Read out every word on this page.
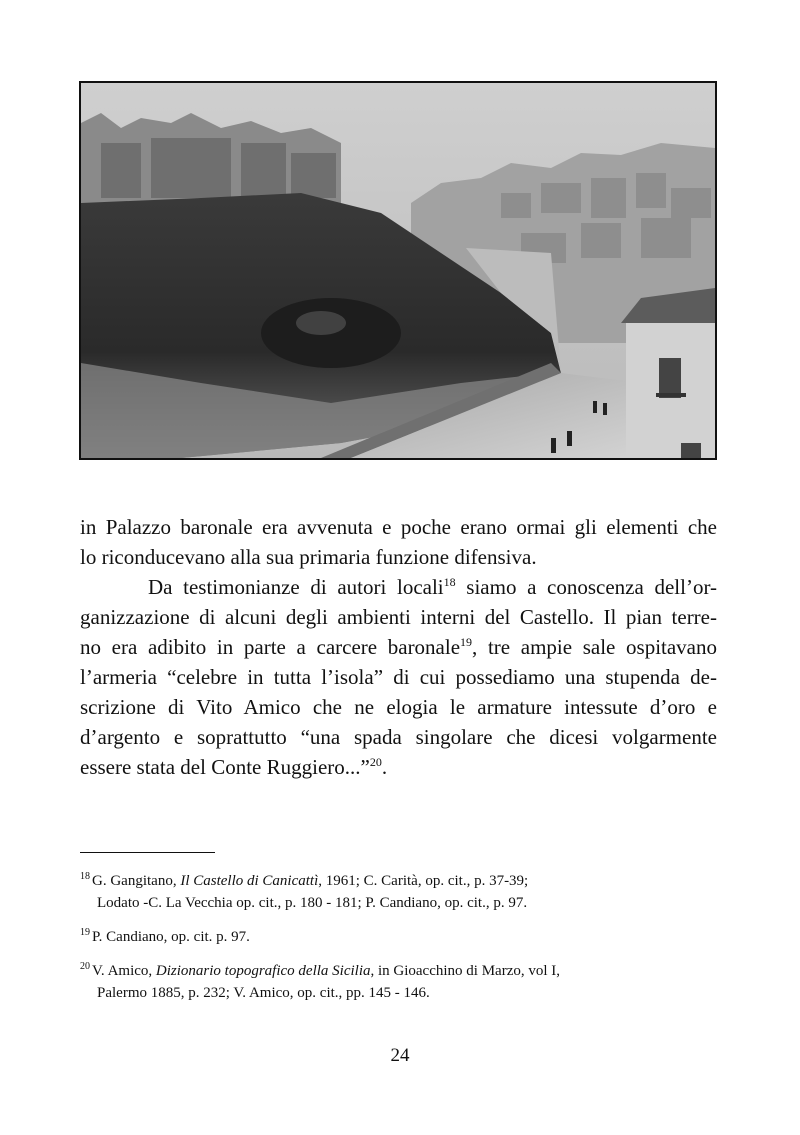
in Palazzo baronale era avvenuta e poche erano ormai gli elementi che
lo riconducevano alla sua primaria funzione difensiva.

Da testimonianze di autori locali$^{18}$ siamo a conoscenza dell’or-
ganizzazione di alcuni degli ambienti interni del Castello. Il pian terre-
no era adibito in parte a carcere baronale$^{19}$, tre ampie sale ospitavano
l’armeria “celebre in tutta l’isola” di cui possediamo una stupenda de-
scrizione di Vito Amico che ne elogia le armature intessute d’oro e
d’argento e soprattutto “una spada singolare che dicesi volgarmente
essere stata del Conte Ruggiero...”$^{20}$.

$^{18}$ G. Gangitano, Il Castello di Canicattì, 1961; C. Carità, op. cit., p. 37-39;
Lodato -C. La Vecchia op. cit., p. 180 - 181; P. Candiano, op. cit., p. 97.
$^{19}$ P. Candiano, op. cit. p. 97.
$^{20}$ V. Amico, Dizionario topografico della Sicilia, in Gioacchino di Marzo, vol I,
Palermo 1885, p. 232; V. Amico, op. cit., pp. 145 - 146.
24
